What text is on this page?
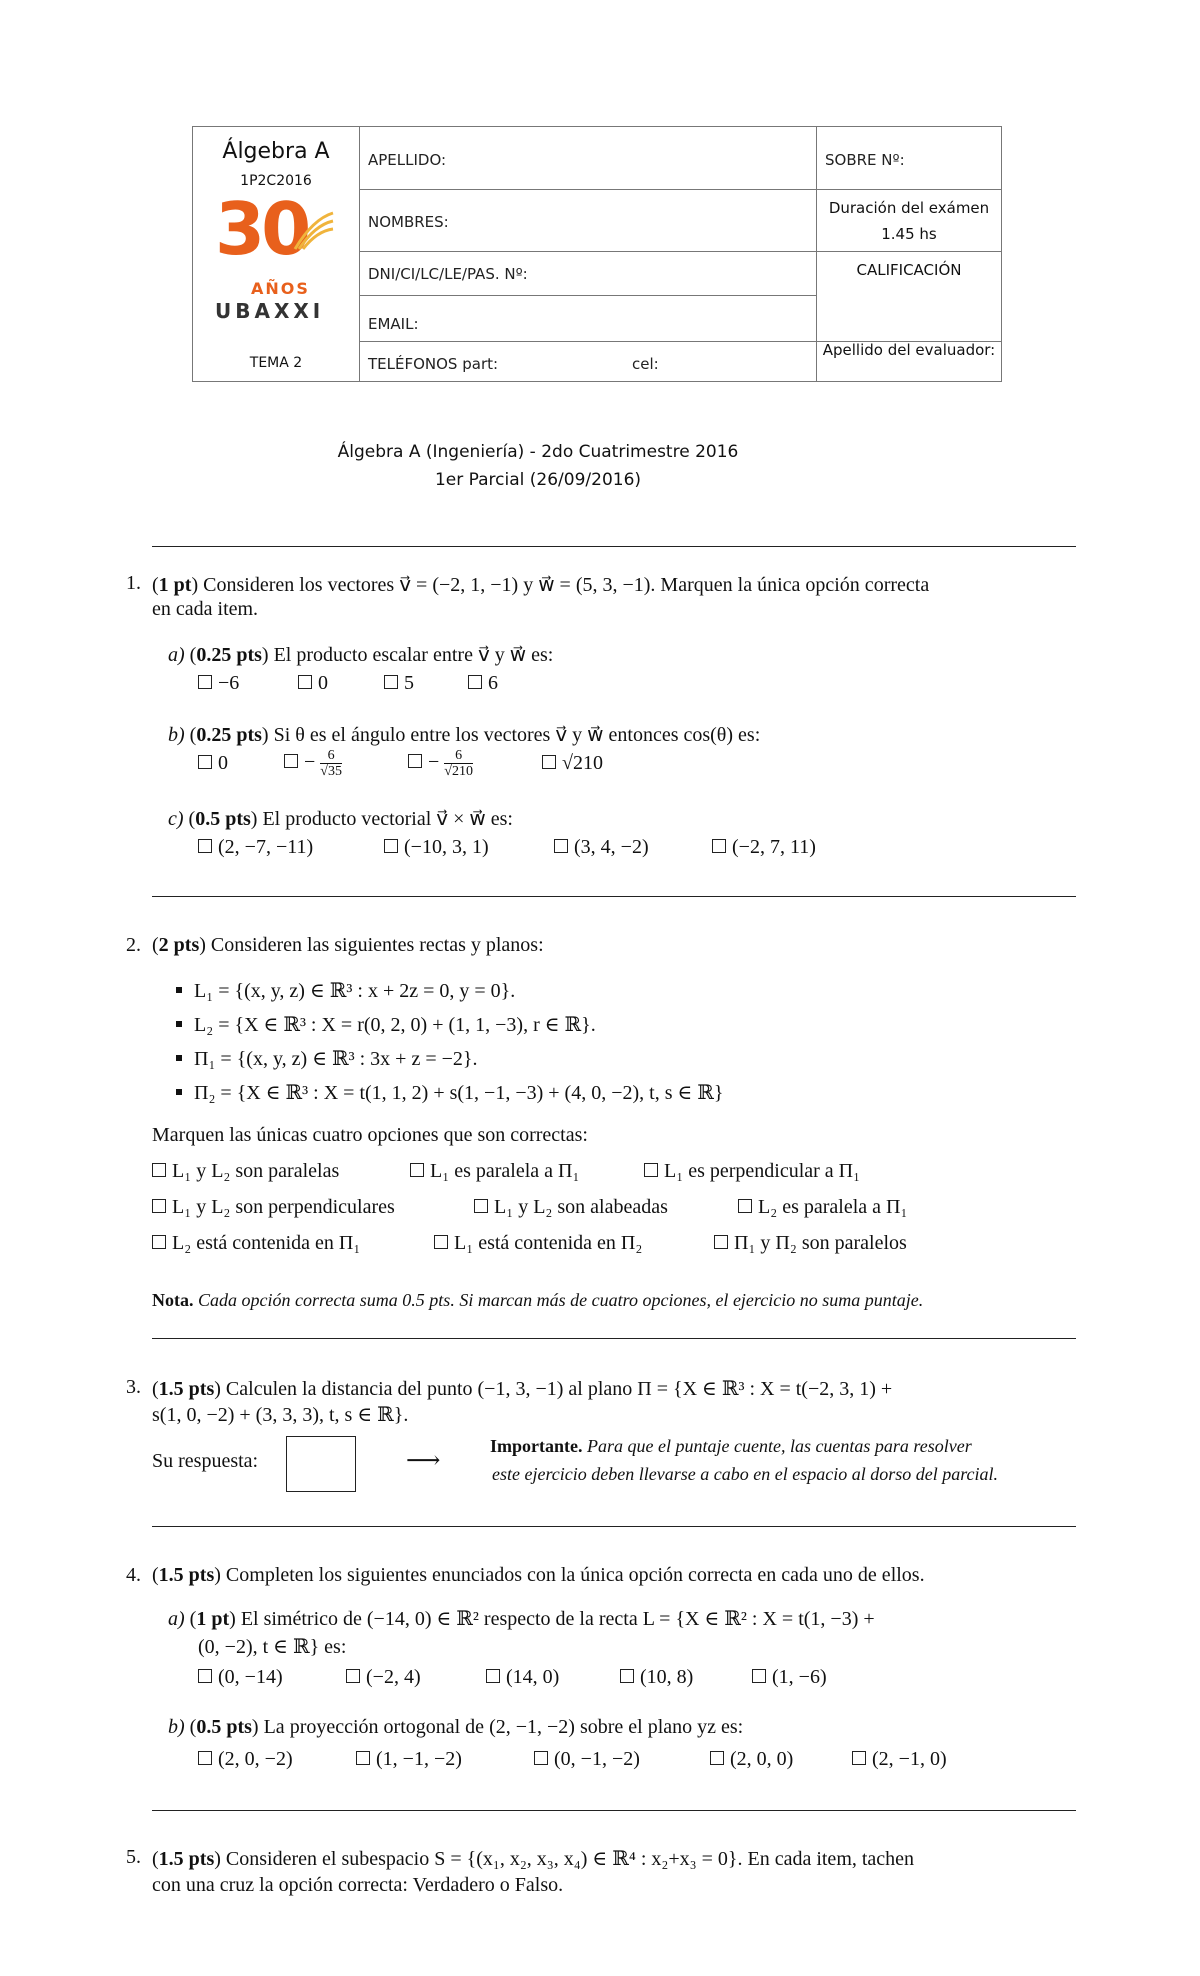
Álgebra A
1P2C2016
30
AÑOS
UBAXXI
TEMA 2
APELLIDO:
NOMBRES:
DNI/CI/LC/LE/PAS. Nº:
EMAIL:
TELÉFONOS part:	cel:
SOBRE Nº:
Duración del exámen
1.45 hs
CALIFICACIÓN
Apellido del evaluador:
Álgebra A (Ingeniería) - 2do Cuatrimestre 2016
1er Parcial (26/09/2016)
1. (1 pt) Consideren los vectores v⃗ = (−2, 1, −1) y w⃗ = (5, 3, −1). Marquen la única opción correcta
en cada item.
a) (0.25 pts) El producto escalar entre v⃗ y w⃗ es:
−6	0	5	6
b) (0.25 pts) Si θ es el ángulo entre los vectores v⃗ y w⃗ entonces cos(θ) es:
0	− $\frac{6}{√35}$	− $\frac{6}{√210}$	√210
c) (0.5 pts) El producto vectorial v⃗ × w⃗ es:
(2, −7, −11)	(−10, 3, 1)	(3, 4, −2)	(−2, 7, 11)
2. (2 pts) Consideren las siguientes rectas y planos:
L₁ = {(x, y, z) ∈ ℝ³ : x + 2z = 0, y = 0}.
L₂ = {X ∈ ℝ³ : X = r(0, 2, 0) + (1, 1, −3), r ∈ ℝ}.
Π₁ = {(x, y, z) ∈ ℝ³ : 3x + z = −2}.
Π₂ = {X ∈ ℝ³ : X = t(1, 1, 2) + s(1, −1, −3) + (4, 0, −2), t, s ∈ ℝ}
Marquen las únicas cuatro opciones que son correctas:
L₁ y L₂ son paralelas	L₁ es paralela a Π₁	L₁ es perpendicular a Π₁
L₁ y L₂ son perpendiculares	L₁ y L₂ son alabeadas	L₂ es paralela a Π₁
L₂ está contenida en Π₁	L₁ está contenida en Π₂	Π₁ y Π₂ son paralelos
Nota. Cada opción correcta suma 0.5 pts. Si marcan más de cuatro opciones, el ejercicio no suma puntaje.
3. (1.5 pts) Calculen la distancia del punto (−1, 3, −1) al plano Π = {X ∈ ℝ³ : X = t(−2, 3, 1) +
s(1, 0, −2) + (3, 3, 3), t, s ∈ ℝ}.
Su respuesta:	⟶
Importante. Para que el puntaje cuente, las cuentas para resolver
este ejercicio deben llevarse a cabo en el espacio al dorso del parcial.
4. (1.5 pts) Completen los siguientes enunciados con la única opción correcta en cada uno de ellos.
a) (1 pt) El simétrico de (−14, 0) ∈ ℝ² respecto de la recta L = {X ∈ ℝ² : X = t(1, −3) +
(0, −2), t ∈ ℝ} es:
(0, −14)	(−2, 4)	(14, 0)	(10, 8)	(1, −6)
b) (0.5 pts) La proyección ortogonal de (2, −1, −2) sobre el plano yz es:
(2, 0, −2)	(1, −1, −2)	(0, −1, −2)	(2, 0, 0)	(2, −1, 0)
5. (1.5 pts) Consideren el subespacio S = {(x₁, x₂, x₃, x₄) ∈ ℝ⁴ : x₂+x₃ = 0}. En cada item, tachen
con una cruz la opción correcta: Verdadero o Falso.
